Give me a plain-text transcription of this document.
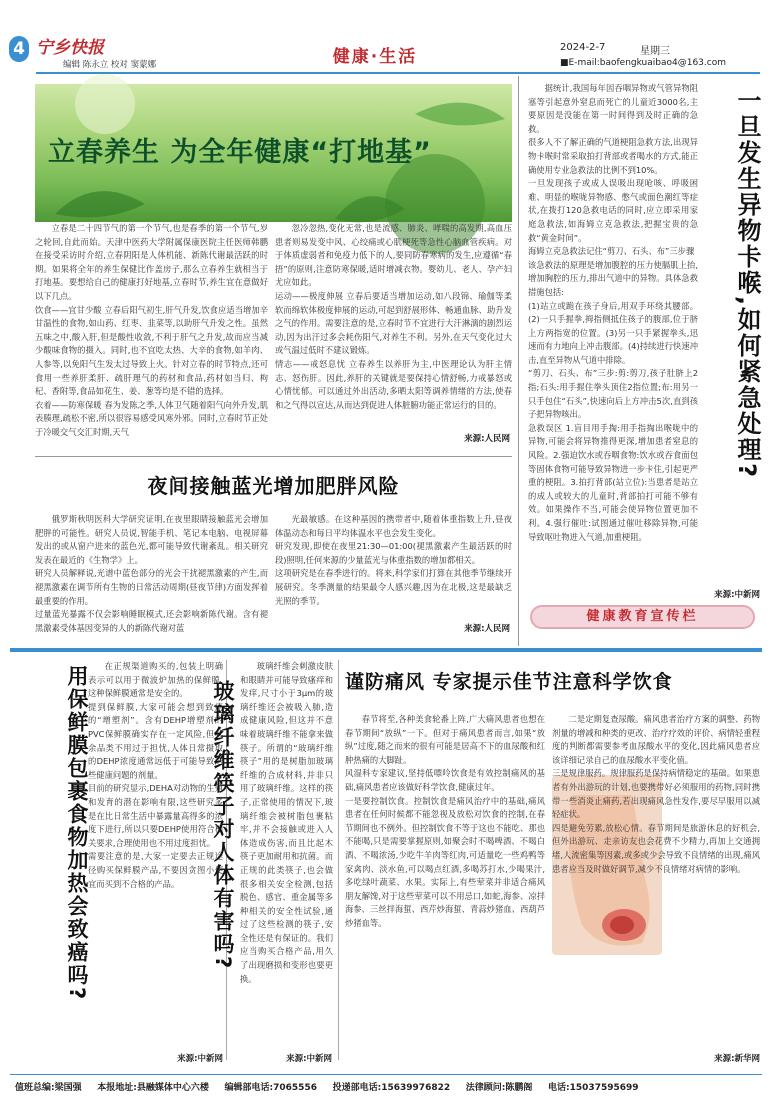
4 宁乡快报
编辑 陈永立 校对 窦蒙娜	健康·生活	2024-2-7	星期三
■E-mail:baofengkuaibao4@163.com
立春养生 为全年健康“打地基”
立春是二十四节气的第一个节气,也是春季的第一个节气,岁之轮回,自此而始。天津中医药大学附属保康医院主任医师韩鹏在接受采访时介绍,立春阴阳是人体机能、新陈代谢最活跃的时期。如果将全年的养生保健比作盖房子,那么立春养生就相当于打地基。要想给自己的健康打好地基,立春时节,养生宜在意做好以下几点。
饮食——宜甘少酸 立春后阳气初生,肝气升发,饮食应适当增加辛甘温性的食物,如山药、红枣、韭菜等,以助肝气升发之性。虽然五味之中,酸入肝,但是酸性收敛,不利于肝气之升发,故而应当减少酸味食物的摄入。同时,也不宜吃太热、大辛的食物,如羊肉、人参等,以免阳气生发太过导致上火。针对立春的时节特点,还可食用一些养肝柔肝、疏肝理气的药材和食品,药材如当归、枸杞、香附等,食品如花生、姜、葱等均是不错的选择。
衣着——防寒保暖 春为发陈之季,人体卫气随着阳气向外升发,肌表腠理,疏松不密,所以很容易感受风寒外邪。同时,立春时节正处于冷暖交气交汇时期,天气
忽冷忽热,变化无常,也是流感、肺炎、哮喘的高发期,高血压患者则易发变中风、心绞痛或心肌梗死等急性心脑血管疾病。对于体质虚弱者和免疫力低下的人,要同防春寒病的发生,应遵循“春捂”的原则,注意防寒保暖,适时增减衣物。婴幼儿、老人、孕产妇尤应如此。
运动——极度伸展 立春后要适当增加运动,如八段锦、瑜伽等柔软而绵软体极度伸展的运动,可起到舒展形体、畅通血脉、助升发之气的作用。需要注意的是,立春时节不宜进行大汗淋漓的剧烈运动,因为出汗过多会耗伤阳气,对养生不利。另外,在天气变化过大或气温过低时不建议锻炼。
情志——戒怒息忧 立春养生以养肝为主,中医理论认为肝主情志、怒伤肝。因此,养肝的关键就是要保持心情舒畅,力戒暴怒或心情忧郁。可以通过外出活动,多晒太阳等调养情绪的方法,使春和之气得以宣达,从而达到促进人体脏腑功能正常运行的目的。
来源:人民网
夜间接触蓝光增加肥胖风险
俄罗斯秋明医科大学研究证明,在夜里眼睛接触蓝光会增加肥胖的可能性。研究人员说,智能手机、笔记本电脑、电视屏幕发出的或从窗户进来的蓝色光,都可能导致代谢紊乱。相关研究发表在最近的《生物学》上。
研究人员解释说,光谱中蓝色部分的光会干扰褪黑激素的产生,而褪黑激素在调节所有生物的日常活动周期(昼夜节律)方面发挥着最重要的作用。
过量蓝光暴露不仅会影响睡眠模式,还会影响新陈代谢。含有褪黑激素受体基因变异的人的新陈代谢对蓝
光最敏感。在这种基因的携带者中,随着体重指数上升,昼夜体温动态和每日平均体温水平也会发生变化。
研究发现,即使在夜里21:30—01:00(褪黑激素产生最活跃的时段)照明,任何来源的少量蓝光与体重指数的增加都相关。
这项研究是在春季进行的。将来,科学家们打算在其他季节继续开展研究。冬季测量的结果最令人感兴趣,因为在北极,这是最缺乏光照的季节。
来源:人民网
据统计,我国每年因吞咽异物或气管异物阻塞等引起意外窒息而死亡的儿童近3000名,主要原因是没能在第一时间得到及时正确的急救。
很多人不了解正确的气道梗阻急救方法,出现异物卡喉时常采取拍打背部或者喝水的方式,能正确使用专业急救法的比例不到10%。
一旦发现孩子或成人误吸出现呛咳、呼吸困难、明显的喉咙异物感、憋气或面色潮红等症状,在拨打120急救电话的同时,应立即采用家庭急救法,如海姆立克急救法,把握宝贵的急救“黄金时间”。
海姆立克急救法记住“剪刀、石头、布”三步骤
该急救法的原理是增加腹腔的压力使膈肌上抬,增加胸腔的压力,排出气道中的异物。具体急救措施包括:
(1)站立或跪在孩子身后,用双手环绕其腰部。(2)一只手握拳,拇指侧抵住孩子的腹部,位于脐上方两指宽的位置。(3)另一只手紧握拳头,迅速而有力地向上冲击腹部。(4)持续进行快速冲击,直至异物从气道中排除。
“剪刀、石头、布”三步:剪:剪刀,孩子肚脐上2指;石头:用手握住拳头顶住2指位置;布:用另一只手包住“石头”,快速向后上方冲击5次,直到孩子把异物咳出。
急救误区 1.盲目用手掏:用手指掏出喉咙中的异物,可能会将异物推得更深,增加患者窒息的风险。2.强迫饮水或吞咽食物:饮水或吞食面包等固体食物可能导致异物进一步卡住,引起更严重的梗阻。3.拍打背部(站立位):当患者是站立的成人或较大的儿童时,背部拍打可能不够有效。如果操作不当,可能会使异物位置更加不利。4.强行催吐:试图通过催吐移除异物,可能导致呕吐物进入气道,加重梗阻。
一旦发生异物卡喉,如何紧急处理?
来源:中新网
健康教育宣传栏
用保鲜膜包裹食物加热会致癌吗?	在正规渠道购买的,包装上明确表示可以用于微波炉加热的保鲜膜,这种保鲜膜通常是安全的。
提到保鲜膜,大家可能会想到致癌的“增塑剂”。含有DEHP增塑剂的PVC保鲜膜确实存在一定风险,但其余品类不用过于担忧,人体日常摄取的DEHP浓度通常远低于可能导致这些健康问题的剂量。
目前的研究显示,DEHA对动物的生殖和发育的潜在影响有限,这些研究多是在比日常生活中暴露量高得多的浓度下进行,所以只要DEHP使用符合相关要求,合理使用也不用过度担忧。
需要注意的是,大家一定要去正规途径购买保鲜膜产品,不要因贪图小便宜而买到不合格的产品。
来源:中新网
玻璃纤维筷子对人体有害吗?
玻璃纤维会刺激皮肤和眼睛并可能导致瘙痒和发痒,尺寸小于3μm的玻璃纤维还会被吸入肺,造成健康风险,但这并不意味着玻璃纤维不能拿来做筷子。所谓的“玻璃纤维筷子”用的是树脂加玻璃纤维的合成材料,并非只用了玻璃纤维。这样的筷子,正常使用的情况下,玻璃纤维会被树脂包裹粘牢,并不会接触或进入人体造成伤害,而且比起木筷子更加耐用和抗菌。而正规的此类筷子,也会做很多相关安全检测,包括脱色、感官、重金属等多种相关的安全性试验,通过了这些检测的筷子,安全性还是有保证的。我们应当购买合格产品,用久了出现磨损和变形也要更换。
来源:中新网
谨防痛风 专家提示佳节注意科学饮食
春节将至,各种美食轮番上阵,广大痛风患者也想在春节期间“放纵”一下。但对于痛风患者而言,如果“放纵”过度,随之而来的很有可能是居高不下的血尿酸和红肿热痛的大脚趾。
风湿科专家建议,坚持低嘌呤饮食是有效控制痛风的基础,痛风患者应该做好科学饮食,健康过年。
一是要控制饮食。控制饮食是痛风治疗中的基础,痛风患者在任何时候都不能忽视及放松对饮食的控制,在春节期间也不例外。但控制饮食不等于这也不能吃、那也不能喝,只是需要掌握原则,如聚会时不喝啤酒、不喝白酒、不喝浓汤,少吃牛羊肉等红肉,可适量吃一些鸡鸭等家禽肉、淡水鱼,可以喝点红酒,多喝苏打水,少喝果汁,多吃绿叶蔬菜、水果。实际上,有些荤菜并非适合痛风朋友解馋,对于这些荤菜可以不用忌口,如蛇,海参、凉拌海参、三丝拌海蜇、西芹炒海蜇、青蒜炒猪血、西葫芦炒猪血等。
二是定期复查尿酸。痛风患者治疗方案的调整、药物剂量的增减和种类的更改、治疗疗效的评价、病情轻重程度的判断都需要参考血尿酸水平的变化,因此痛风患者应该详细记录自己的血尿酸水平变化值。
三是规律服药。规律服药是保持病情稳定的基础。如果患者有外出游玩的计划,也要携带好必须服用的药物,同时携带一些消炎止痛药,若出现痛风急性发作,要尽早服用以减轻症状。
四是避免劳累,放松心情。春节期间是旅游休息的好机会,但外出游玩、走亲访友也会花费不少精力,再加上交通拥堵,人流密集等因素,或多或少会导致不良情绪的出现,痛风患者应当及时做好调节,减少不良情绪对病情的影响。
来源:新华网
值班总编:梁国强     本报地址:县融媒体中心六楼     编辑部电话:7065556     投递部电话:15639976822     法律顾问:陈鹏阁     电话:15037595699
